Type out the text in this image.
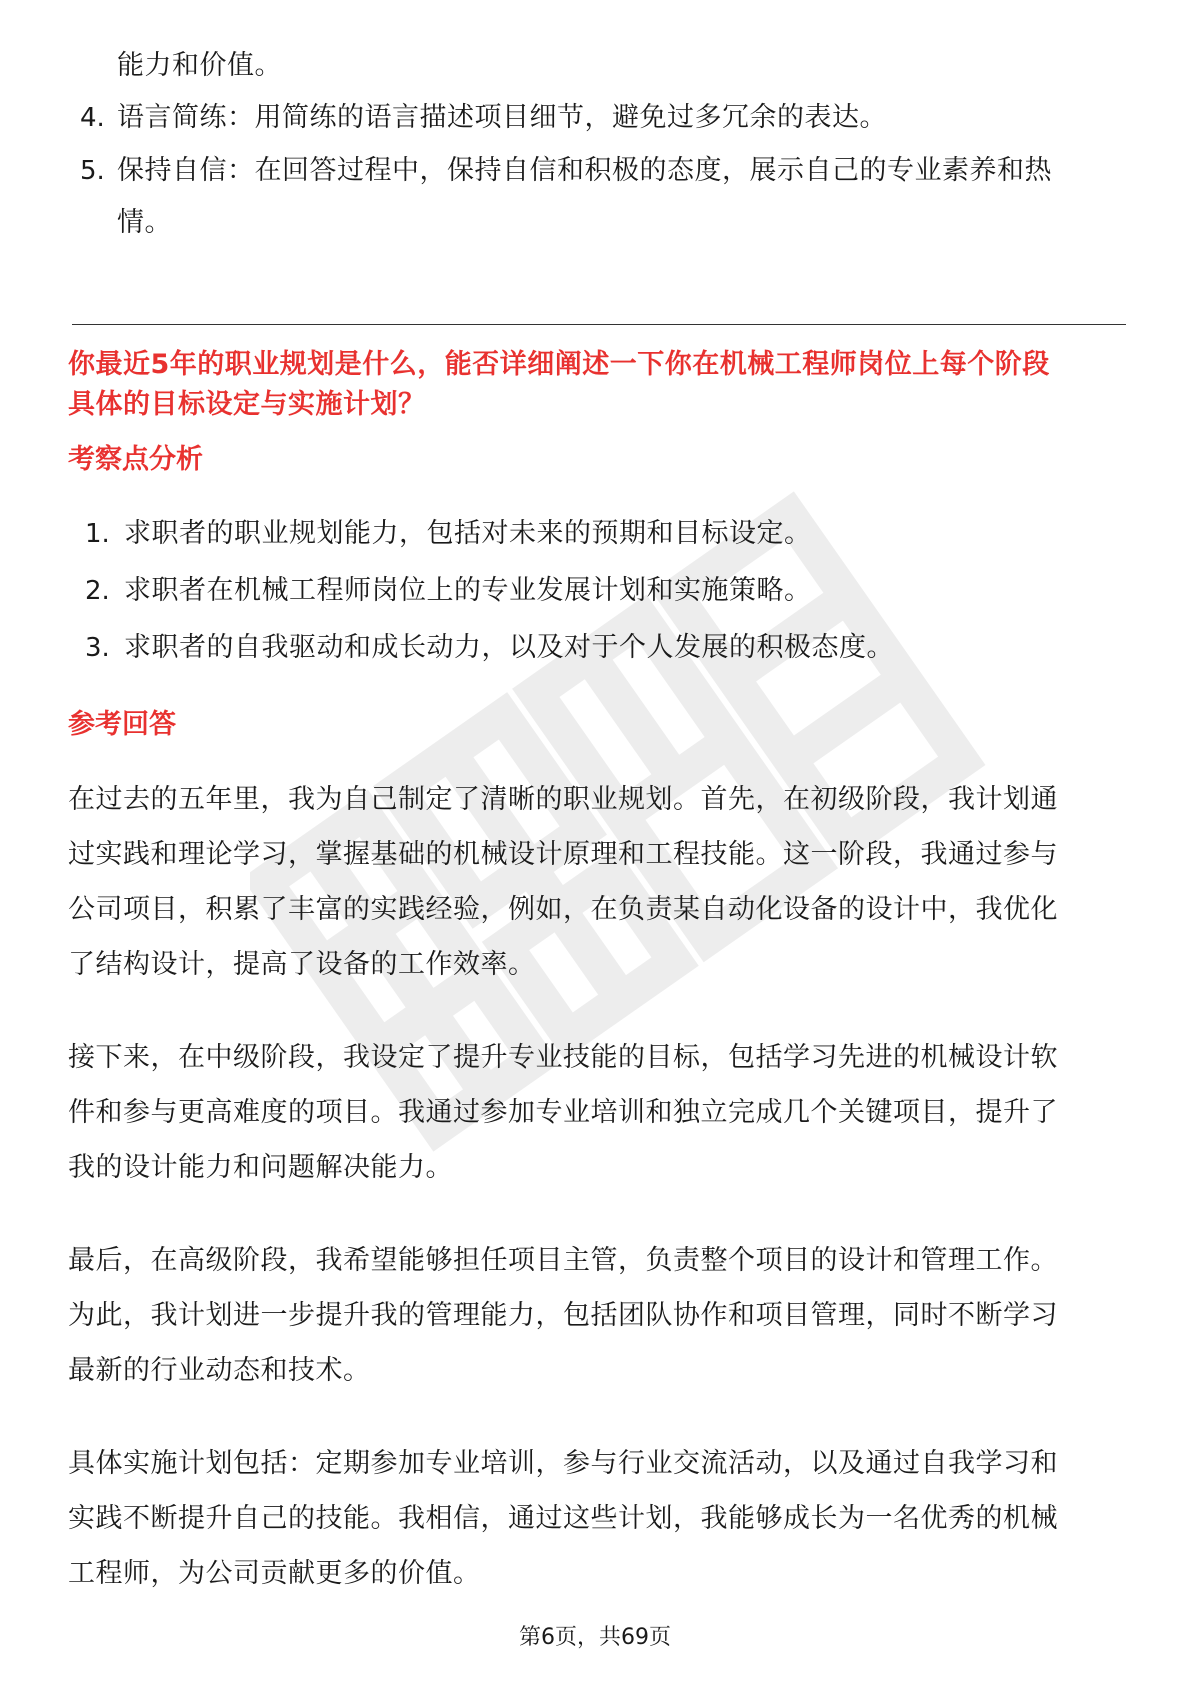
能力和价值。
4. 语言简练：用简练的语言描述项目细节，避免过多冗余的表达。
5. 保持自信：在回答过程中，保持自信和积极的态度，展示自己的专业素养和热
情。
你最近5年的职业规划是什么，能否详细阐述一下你在机械工程师岗位上每个阶段
具体的目标设定与实施计划？
考察点分析
1. 求职者的职业规划能力，包括对未来的预期和目标设定。
2. 求职者在机械工程师岗位上的专业发展计划和实施策略。
3. 求职者的自我驱动和成长动力，以及对于个人发展的积极态度。
参考回答
在过去的五年里，我为自己制定了清晰的职业规划。首先，在初级阶段，我计划通
过实践和理论学习，掌握基础的机械设计原理和工程技能。这一阶段，我通过参与
公司项目，积累了丰富的实践经验，例如，在负责某自动化设备的设计中，我优化
了结构设计，提高了设备的工作效率。
接下来，在中级阶段，我设定了提升专业技能的目标，包括学习先进的机械设计软
件和参与更高难度的项目。我通过参加专业培训和独立完成几个关键项目，提升了
我的设计能力和问题解决能力。
最后，在高级阶段，我希望能够担任项目主管，负责整个项目的设计和管理工作。
为此，我计划进一步提升我的管理能力，包括团队协作和项目管理，同时不断学习
最新的行业动态和技术。
具体实施计划包括：定期参加专业培训，参与行业交流活动，以及通过自我学习和
实践不断提升自己的技能。我相信，通过这些计划，我能够成长为一名优秀的机械
工程师，为公司贡献更多的价值。
第6页，共69页
